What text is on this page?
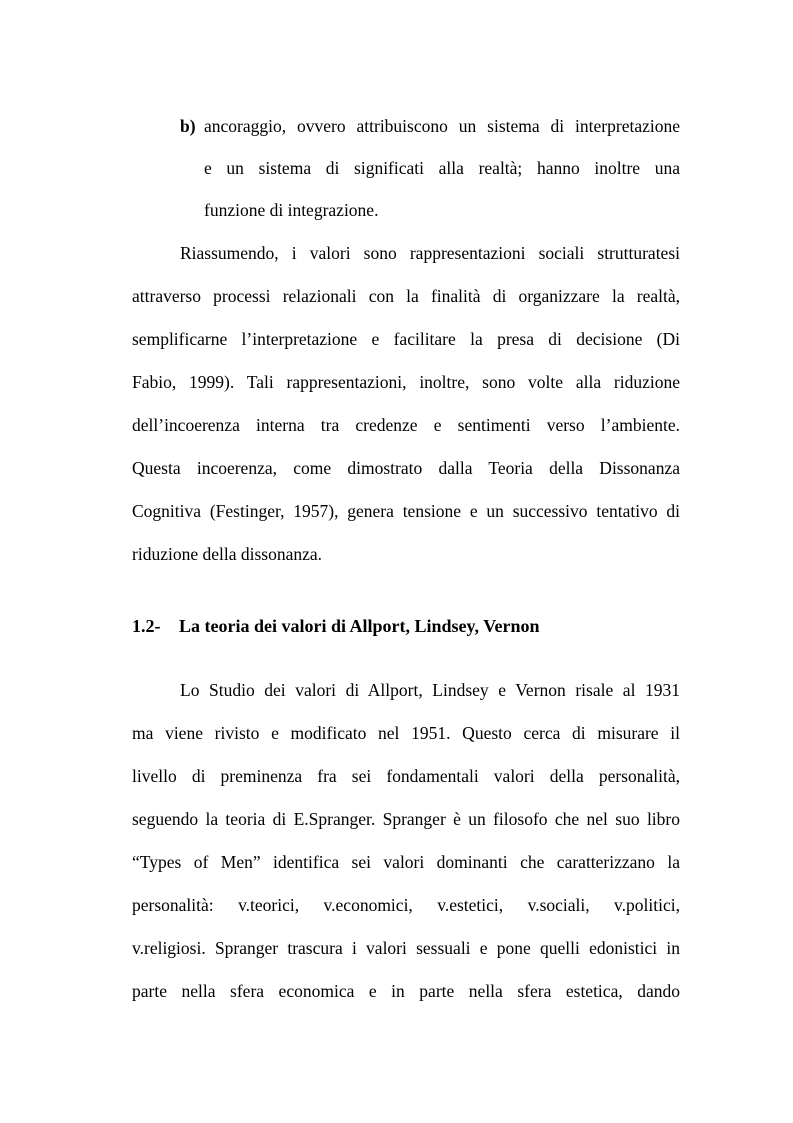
b) ancoraggio, ovvero attribuiscono un sistema di interpretazione

e un sistema di significati alla realtà; hanno inoltre una

funzione di integrazione.

Riassumendo, i valori sono rappresentazioni sociali strutturatesi

attraverso processi relazionali con la finalità di organizzare la realtà,

semplificarne l’interpretazione e facilitare la presa di decisione (Di

Fabio, 1999). Tali rappresentazioni, inoltre, sono volte alla riduzione

dell’incoerenza interna tra credenze e sentimenti verso l’ambiente.

Questa incoerenza, come dimostrato dalla Teoria della Dissonanza

Cognitiva (Festinger, 1957), genera tensione e un successivo tentativo di

riduzione della dissonanza.

1.2- La teoria dei valori di Allport, Lindsey, Vernon

Lo Studio dei valori di Allport, Lindsey e Vernon risale al 1931

ma viene rivisto e modificato nel 1951. Questo cerca di misurare il

livello di preminenza fra sei fondamentali valori della personalità,

seguendo la teoria di E.Spranger. Spranger è un filosofo che nel suo libro

“Types of Men” identifica sei valori dominanti che caratterizzano la

personalità: v.teorici, v.economici, v.estetici, v.sociali, v.politici,

v.religiosi. Spranger trascura i valori sessuali e pone quelli edonistici in

parte nella sfera economica e in parte nella sfera estetica, dando
